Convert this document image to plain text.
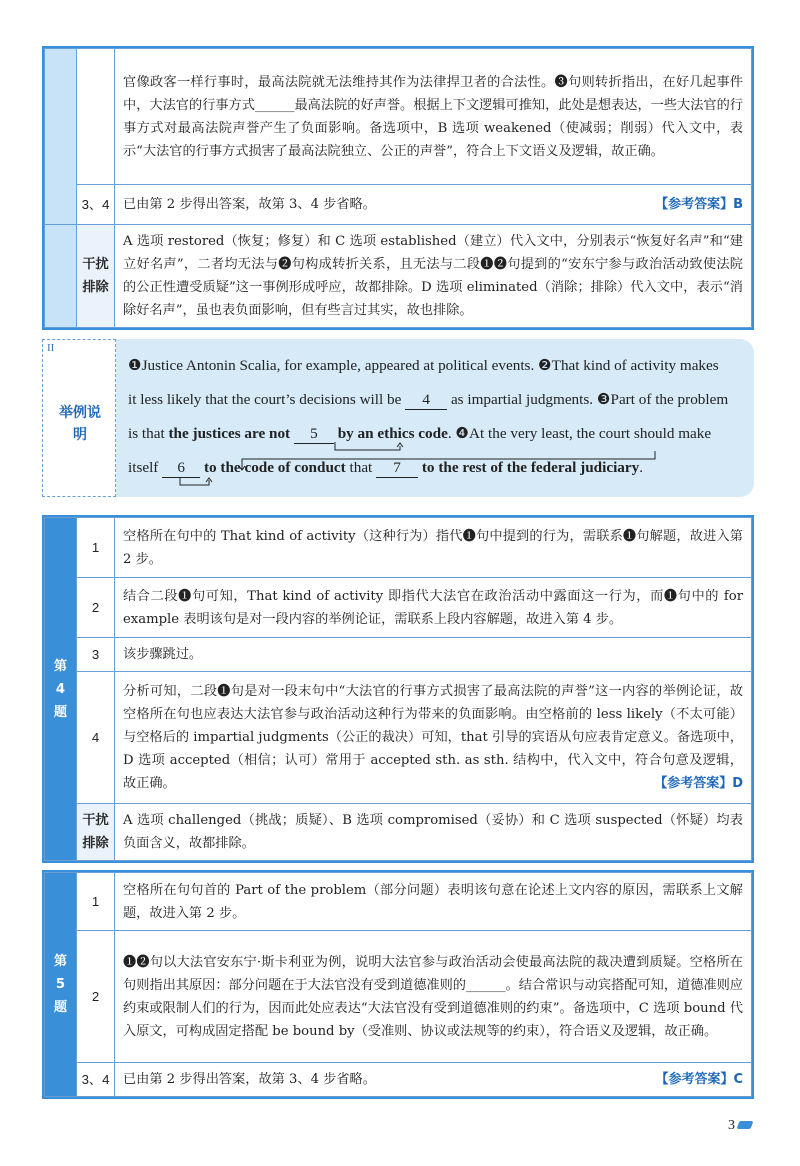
		官像政客一样行事时，最高法院就无法维持其作为法律捍卫者的合法性。❸句则转折指出，在好几起事件中，大法官的行事方式______最高法院的好声誉。根据上下文逻辑可推知，此处是想表达，一些大法官的行事方式对最高法院声誉产生了负面影响。备选项中，B 选项 weakened（使减弱；削弱）代入文中，表示“大法官的行事方式损害了最高法院独立、公正的声誉”，符合上下文语义及逻辑，故正确。
	3、4	已由第 2 步得出答案，故第 3、4 步省略。 【参考答案】B

	干扰排除	A 选项 restored（恢复；修复）和 C 选项 established（建立）代入文中，分别表示“恢复好名声”和“建立好名声”，二者均无法与❷句构成转折关系，且无法与二段❶❷句提到的“安东宁参与政治活动致使法院的公正性遭受质疑”这一事例形成呼应，故都排除。D 选项 eliminated（消除；排除）代入文中，表示“消除好名声”，虽也表负面影响，但有些言过其实，故也排除。
II
举例说明
❶Justice Antonin Scalia, for example, appeared at political events. ❷That kind of activity makes
it less likely that the court’s decisions will be 4 as impartial judgments. ❸Part of the problem
is that the justices are not 5 by an ethics code. ❹At the very least, the court should make
itself 6 to the code of conduct that 7 to the rest of the federal judiciary.
第4题	1	空格所在句中的 That kind of activity（这种行为）指代❶句中提到的行为，需联系❶句解题，故进入第 2 步。
	2	结合二段❶句可知，That kind of activity 即指代大法官在政治活动中露面这一行为，而❶句中的 for example 表明该句是对一段内容的举例论证，需联系上段内容解题，故进入第 4 步。
	3	该步骤跳过。
	4	分析可知，二段❶句是对一段末句中“大法官的行事方式损害了最高法院的声誉”这一内容的举例论证，故空格所在句也应表达大法官参与政治活动这种行为带来的负面影响。由空格前的 less likely（不太可能）与空格后的 impartial judgments（公正的裁决）可知，that 引导的宾语从句应表肯定意义。备选项中，D 选项 accepted（相信；认可）常用于 accepted sth. as sth. 结构中，代入文中，符合句意及逻辑，故正确。 【参考答案】D

	干扰排除	A 选项 challenged（挑战；质疑）、B 选项 compromised（妥协）和 C 选项 suspected（怀疑）均表负面含义，故都排除。
第5题	1	空格所在句句首的 Part of the problem（部分问题）表明该句意在论述上文内容的原因，需联系上文解题，故进入第 2 步。
	2	❶❷句以大法官安东宁·斯卡利亚为例，说明大法官参与政治活动会使最高法院的裁决遭到质疑。空格所在句则指出其原因：部分问题在于大法官没有受到道德准则的______。结合常识与动宾搭配可知，道德准则应约束或限制人们的行为，因而此处应表达“大法官没有受到道德准则的约束”。备选项中，C 选项 bound 代入原文，可构成固定搭配 be bound by（受准则、协议或法规等的约束），符合语义及逻辑，故正确。
	3、4	已由第 2 步得出答案，故第 3、4 步省略。 【参考答案】C
3
